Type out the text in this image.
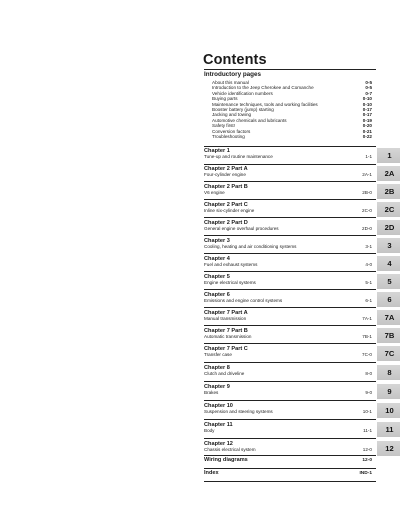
Contents
Introductory pages
About this manual	0-5
Introduction to the Jeep Cherokee and Comanche	0-5
Vehicle identification numbers	0-7
Buying parts	0-10
Maintenance techniques, tools and working facilities	0-10
Booster battery (jump) starting	0-17
Jacking and towing	0-17
Automotive chemicals and lubricants	0-19
Safety first!	0-20
Conversion factors	0-21
Troubleshooting	0-22
Chapter 1
Tune-up and routine maintenance	1-1	1
Chapter 2 Part A
Four-cylinder engine	2A-1	2A
Chapter 2 Part B
V6 engine	2B-0	2B
Chapter 2 Part C
Inline six-cylinder engine	2C-0	2C
Chapter 2 Part D
General engine overhaul procedures	2D-0	2D
Chapter 3
Cooling, heating and air conditioning systems	3-1	3
Chapter 4
Fuel and exhaust systems	4-0	4
Chapter 5
Engine electrical systems	5-1	5
Chapter 6
Emissions and engine control systems	6-1	6
Chapter 7 Part A
Manual transmission	7A-1	7A
Chapter 7 Part B
Automatic transmission	7B-1	7B
Chapter 7 Part C
Transfer case	7C-0	7C
Chapter 8
Clutch and driveline	8-0	8
Chapter 9
Brakes	9-0	9
Chapter 10
Suspension and steering systems	10-1	10
Chapter 11
Body	11-1	11
Chapter 12
Chassis electrical system	12-0	12
Wiring diagrams	12-0
Index	IND-1
